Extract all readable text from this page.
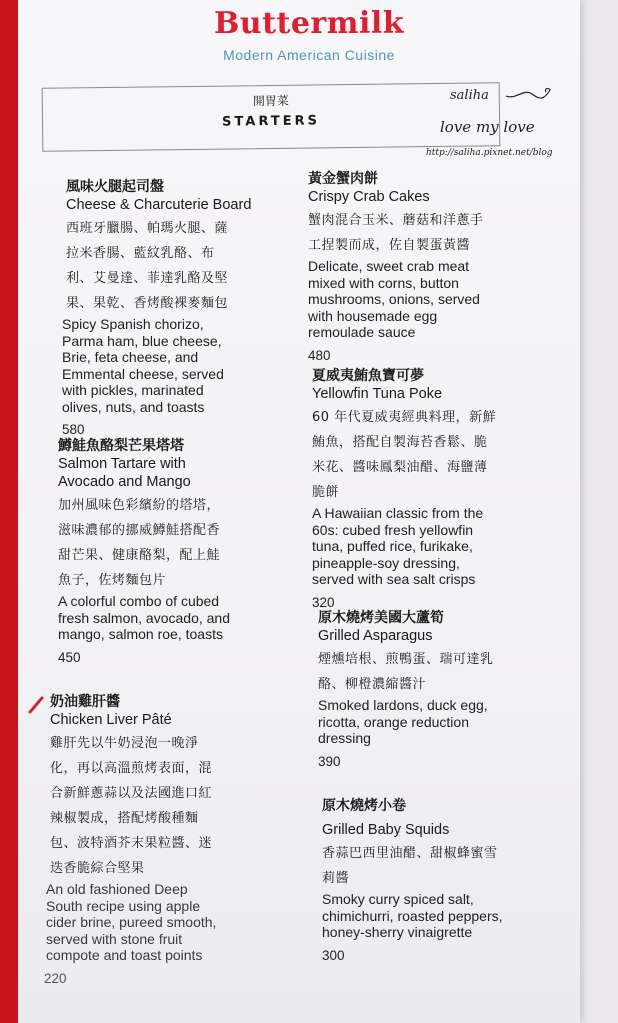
Buttermilk
Modern American Cuisine
開胃菜
STARTERS
saliha
love my love
http://saliha.pixnet.net/blog
風味火腿起司盤
Cheese & Charcuterie Board
西班牙臘腸、帕瑪火腿、薩
拉米香腸、藍紋乳酪、布
利、艾曼達、菲達乳酪及堅
果、果乾、香烤酸裸麥麵包
Spicy Spanish chorizo,
Parma ham, blue cheese,
Brie, feta cheese, and
Emmental cheese, served
with pickles, marinated
olives, nuts, and toasts
580
鱒鮭魚酪梨芒果塔塔
Salmon Tartare with
Avocado and Mango
加州風味色彩繽紛的塔塔，
滋味濃郁的挪威鱒鮭搭配香
甜芒果、健康酪梨，配上鮭
魚子，佐烤麵包片
A colorful combo of cubed
fresh salmon, avocado, and
mango, salmon roe, toasts
450
奶油雞肝醬
Chicken Liver Pâté
雞肝先以牛奶浸泡一晚淨
化，再以高溫煎烤表面，混
合新鮮蔥蒜以及法國進口紅
辣椒製成，搭配烤酸種麵
包、波特酒芥末果粒醬、迷
迭香脆綜合堅果
An old fashioned Deep
South recipe using apple
cider brine, pureed smooth,
served with stone fruit
compote and toast points
220
黃金蟹肉餅
Crispy Crab Cakes
蟹肉混合玉米、蘑菇和洋蔥手
工捏製而成，佐自製蛋黃醬
Delicate, sweet crab meat
mixed with corns, button
mushrooms, onions, served
with housemade egg
remoulade sauce
480
夏威夷鮪魚寶可夢
Yellowfin Tuna Poke
60 年代夏威夷經典料理，新鮮
鮪魚，搭配自製海苔香鬆、脆
米花、醬味鳳梨油醋、海鹽薄
脆餅
A Hawaiian classic from the
60s: cubed fresh yellowfin
tuna, puffed rice, furikake,
pineapple-soy dressing,
served with sea salt crisps
320
原木燒烤美國大蘆筍
Grilled Asparagus
煙燻培根、煎鴨蛋、瑞可達乳
酪、柳橙濃縮醬汁
Smoked lardons, duck egg,
ricotta, orange reduction
dressing
390
原木燒烤小卷
Grilled Baby Squids
香蒜巴西里油醋、甜椒蜂蜜雪
莉醬
Smoky curry spiced salt,
chimichurri, roasted peppers,
honey-sherry vinaigrette
300
